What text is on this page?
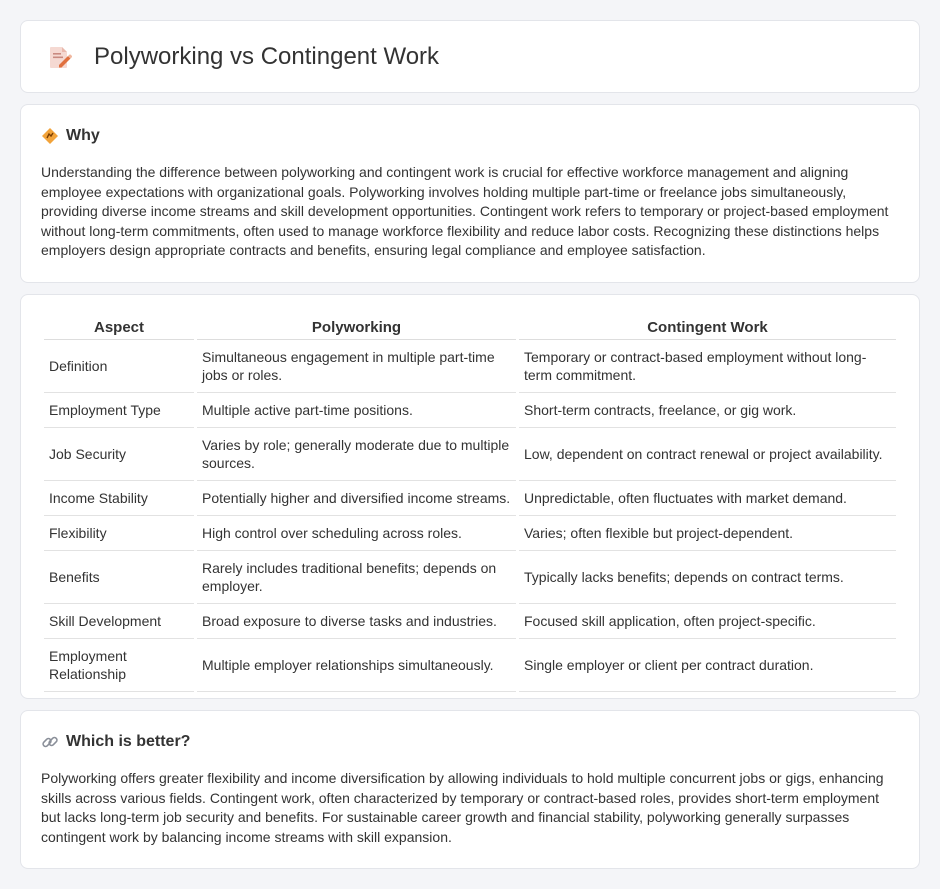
Polyworking vs Contingent Work
Why

Understanding the difference between polyworking and contingent work is crucial for effective workforce management and aligning employee expectations with organizational goals. Polyworking involves holding multiple part-time or freelance jobs simultaneously, providing diverse income streams and skill development opportunities. Contingent work refers to temporary or project-based employment without long-term commitments, often used to manage workforce flexibility and reduce labor costs. Recognizing these distinctions helps employers design appropriate contracts and benefits, ensuring legal compliance and employee satisfaction.

Aspect	Polyworking	Contingent Work
Definition	Simultaneous engagement in multiple part-time jobs or roles.	Temporary or contract-based employment without long-term commitment.
Employment Type	Multiple active part-time positions.	Short-term contracts, freelance, or gig work.
Job Security	Varies by role; generally moderate due to multiple sources.	Low, dependent on contract renewal or project availability.
Income Stability	Potentially higher and diversified income streams.	Unpredictable, often fluctuates with market demand.
Flexibility	High control over scheduling across roles.	Varies; often flexible but project-dependent.
Benefits	Rarely includes traditional benefits; depends on employer.	Typically lacks benefits; depends on contract terms.
Skill Development	Broad exposure to diverse tasks and industries.	Focused skill application, often project-specific.
Employment Relationship	Multiple employer relationships simultaneously.	Single employer or client per contract duration.
Which is better?

Polyworking offers greater flexibility and income diversification by allowing individuals to hold multiple concurrent jobs or gigs, enhancing skills across various fields. Contingent work, often characterized by temporary or contract-based roles, provides short-term employment but lacks long-term job security and benefits. For sustainable career growth and financial stability, polyworking generally surpasses contingent work by balancing income streams with skill expansion.
